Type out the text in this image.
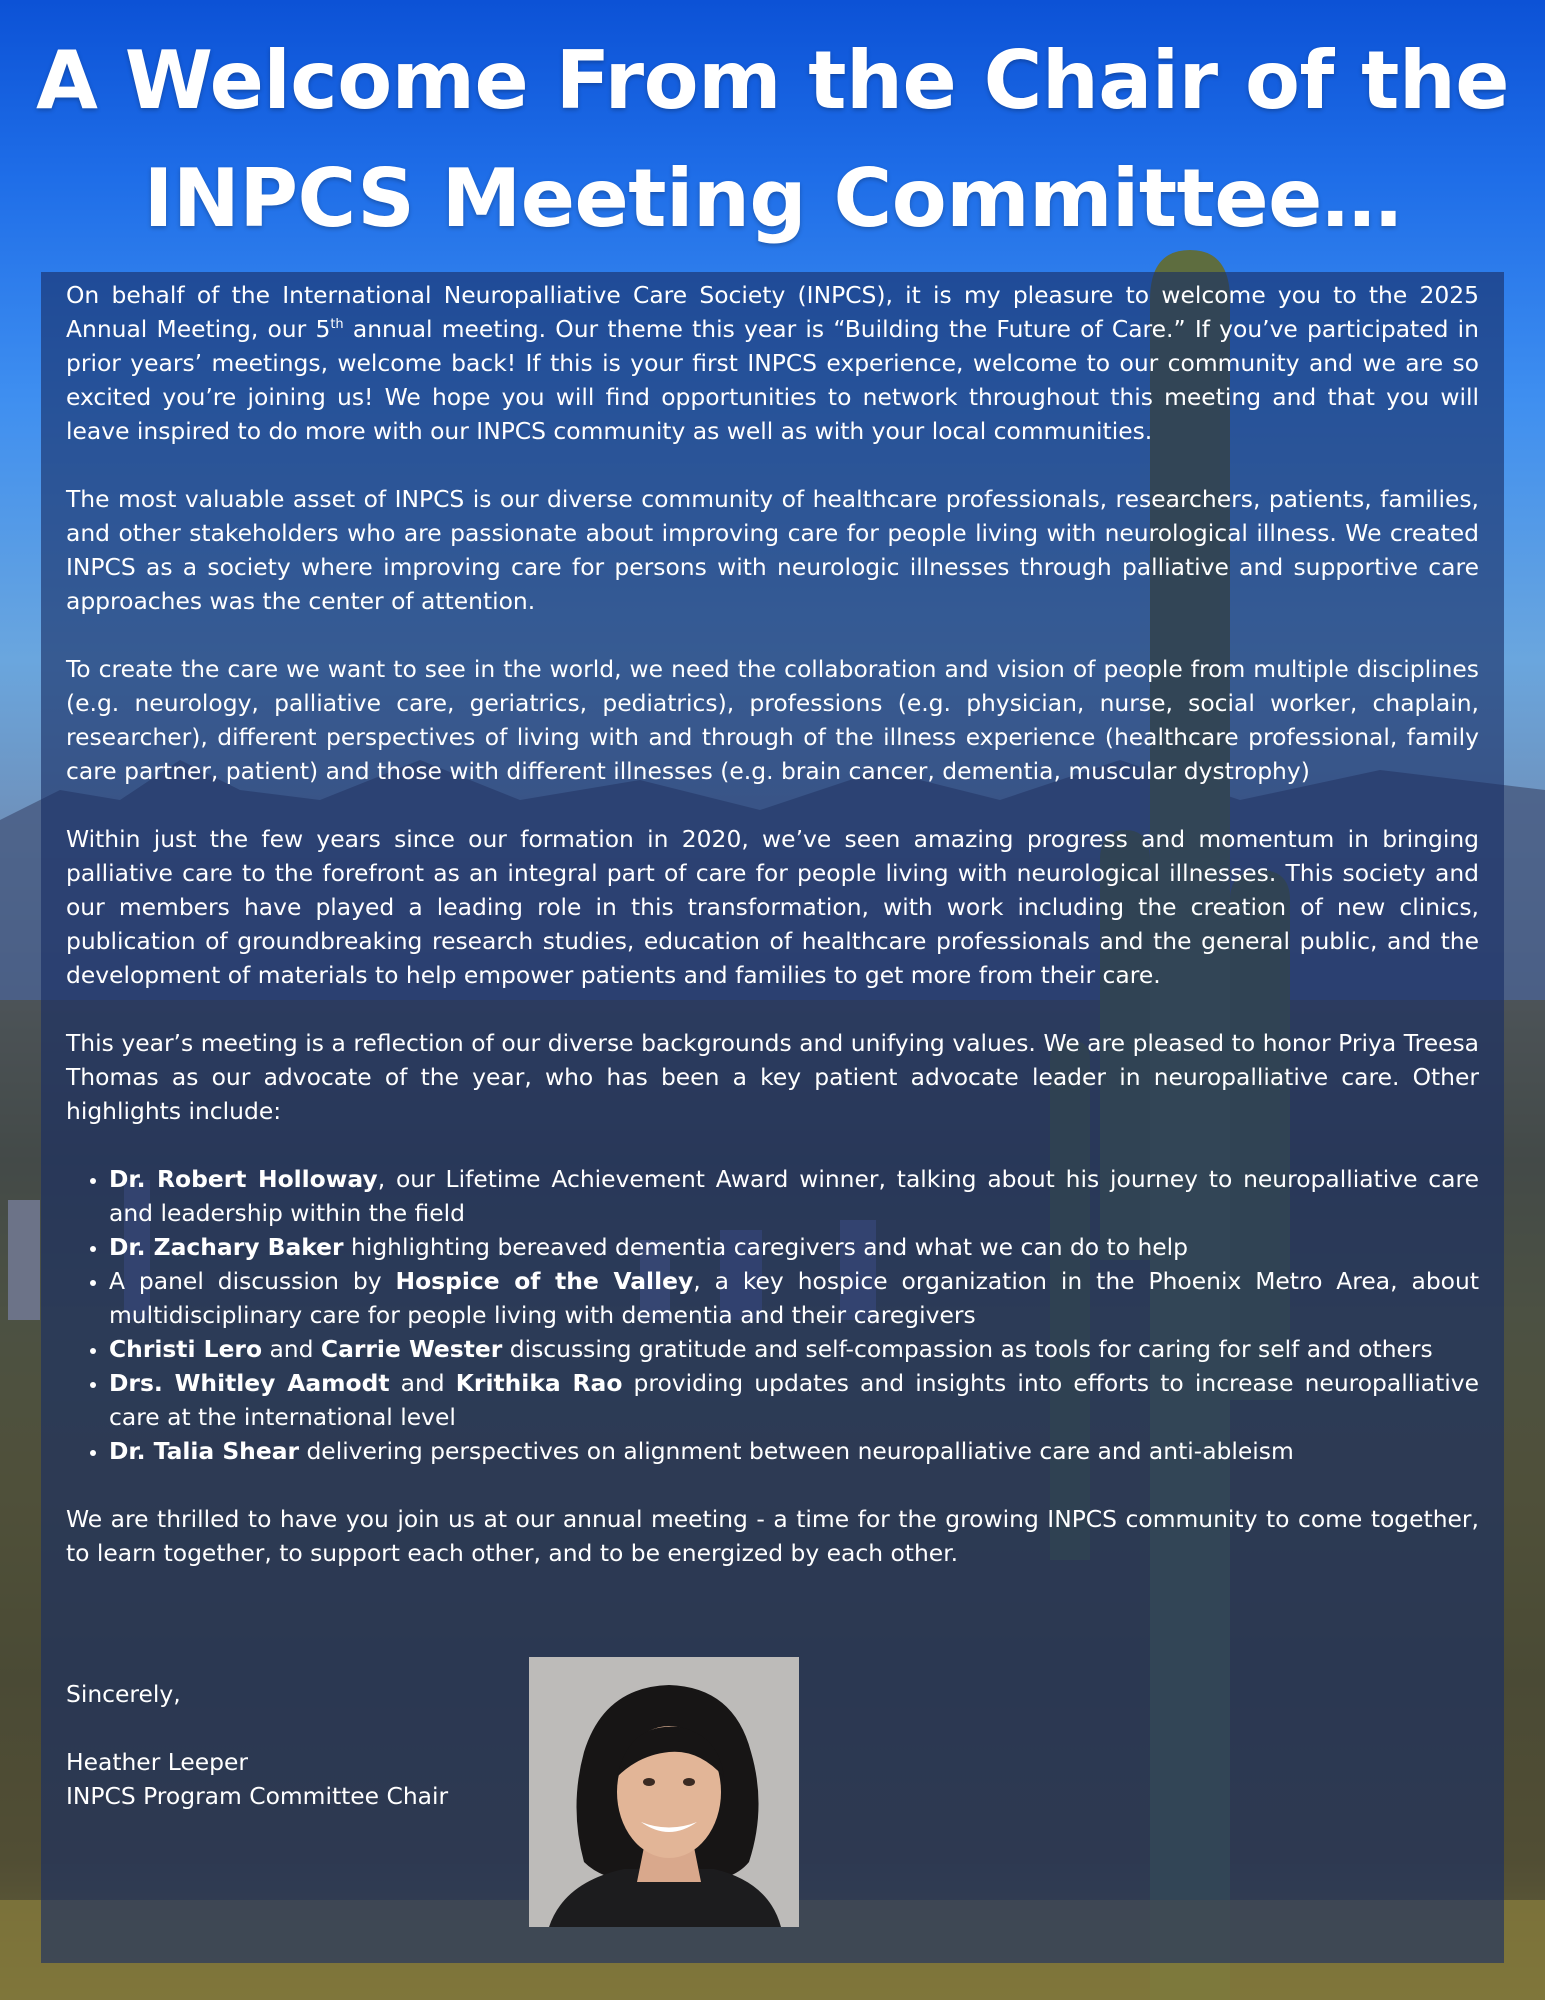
A Welcome From the Chair of the
INPCS Meeting Committee…

On behalf of the International Neuropalliative Care Society (INPCS), it is my pleasure to welcome you to the 2025 Annual Meeting, our 5th annual meeting. Our theme this year is “Building the Future of Care.” If you’ve participated in prior years’ meetings, welcome back! If this is your first INPCS experience, welcome to our community and we are so excited you’re joining us! We hope you will find opportunities to network throughout this meeting and that you will leave inspired to do more with our INPCS community as well as with your local communities.

The most valuable asset of INPCS is our diverse community of healthcare professionals, researchers, patients, families, and other stakeholders who are passionate about improving care for people living with neurological illness. We created INPCS as a society where improving care for persons with neurologic illnesses through palliative and supportive care approaches was the center of attention.

To create the care we want to see in the world, we need the collaboration and vision of people from multiple disciplines (e.g. neurology, palliative care, geriatrics, pediatrics), professions (e.g. physician, nurse, social worker, chaplain, researcher), different perspectives of living with and through of the illness experience (healthcare professional, family care partner, patient) and those with different illnesses (e.g. brain cancer, dementia, muscular dystrophy)

Within just the few years since our formation in 2020, we’ve seen amazing progress and momentum in bringing palliative care to the forefront as an integral part of care for people living with neurological illnesses. This society and our members have played a leading role in this transformation, with work including the creation of new clinics, publication of groundbreaking research studies, education of healthcare professionals and the general public, and the development of materials to help empower patients and families to get more from their care.

This year’s meeting is a reflection of our diverse backgrounds and unifying values. We are pleased to honor Priya Treesa Thomas as our advocate of the year, who has been a key patient advocate leader in neuropalliative care. Other highlights include:

• Dr. Robert Holloway, our Lifetime Achievement Award winner, talking about his journey to neuropalliative care and leadership within the field
• Dr. Zachary Baker highlighting bereaved dementia caregivers and what we can do to help
• A panel discussion by Hospice of the Valley, a key hospice organization in the Phoenix Metro Area, about multidisciplinary care for people living with dementia and their caregivers
• Christi Lero and Carrie Wester discussing gratitude and self-compassion as tools for caring for self and others
• Drs. Whitley Aamodt and Krithika Rao providing updates and insights into efforts to increase neuropalliative care at the international level
• Dr. Talia Shear delivering perspectives on alignment between neuropalliative care and anti-ableism

We are thrilled to have you join us at our annual meeting - a time for the growing INPCS community to come together, to learn together, to support each other, and to be energized by each other.

Sincerely,
Heather Leeper
INPCS Program Committee Chair
